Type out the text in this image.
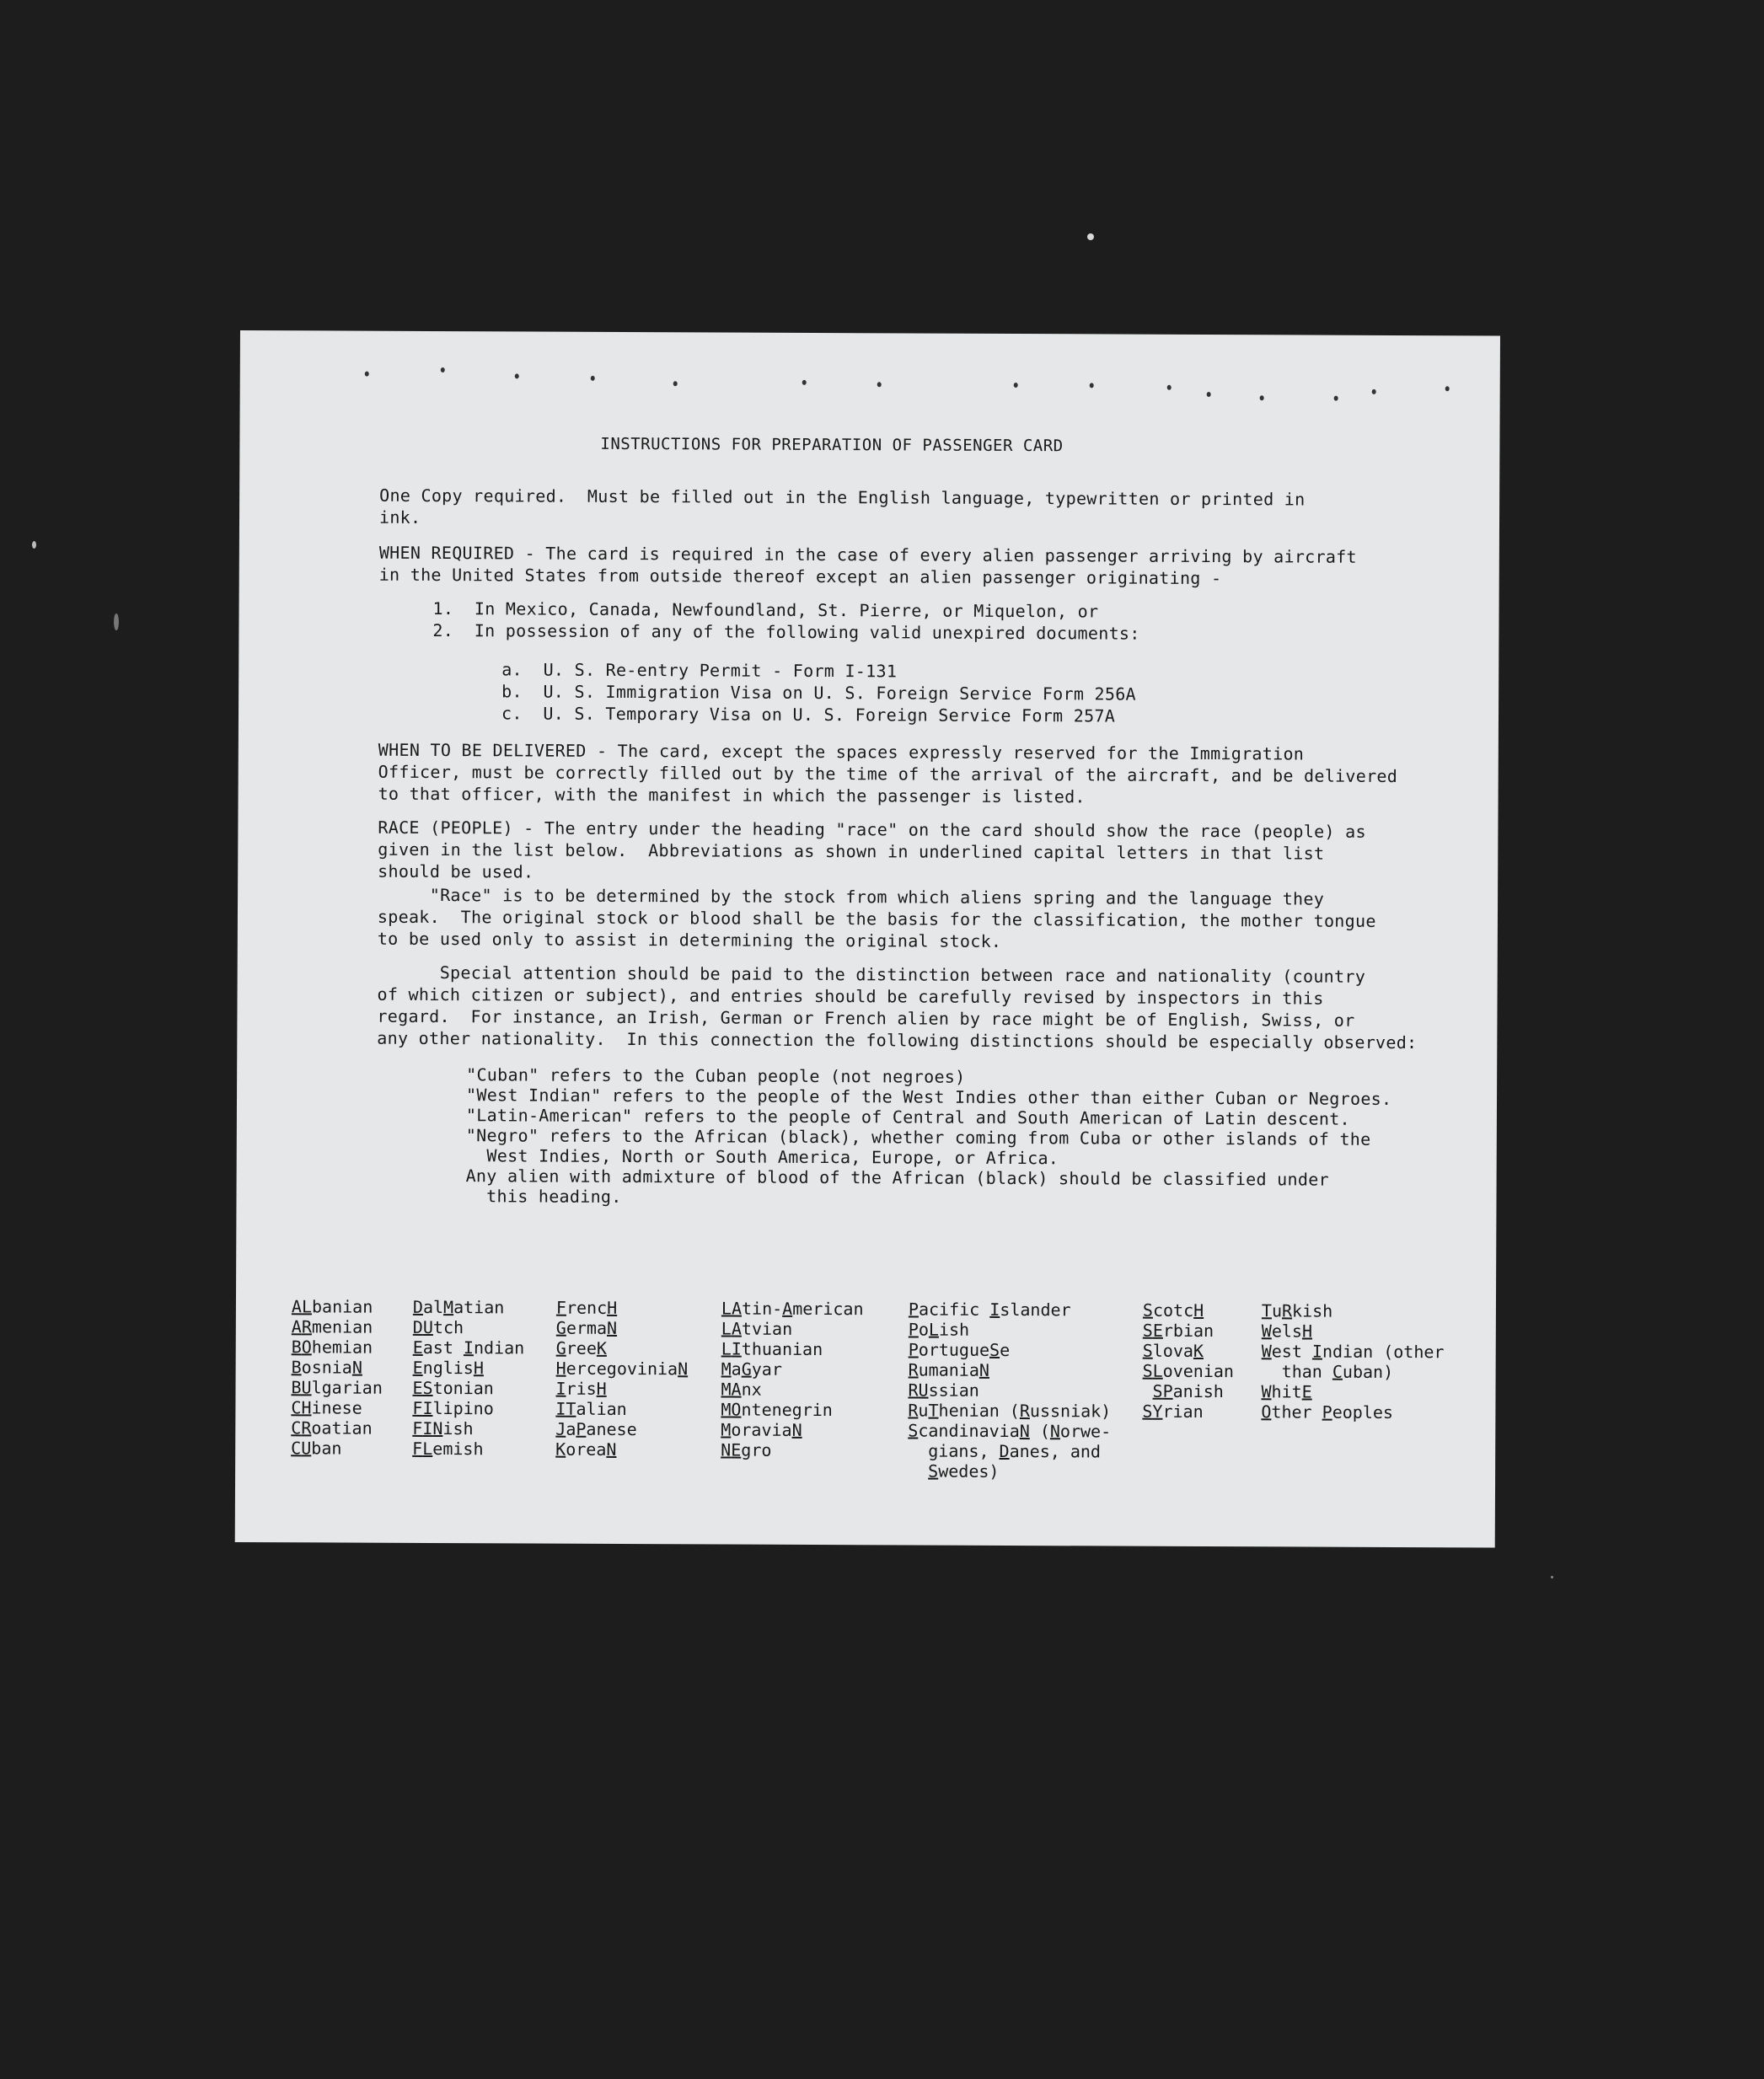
INSTRUCTIONS FOR PREPARATION OF PASSENGER CARD
One Copy required.  Must be filled out in the English language, typewritten or printed in
ink.
WHEN REQUIRED - The card is required in the case of every alien passenger arriving by aircraft
in the United States from outside thereof except an alien passenger originating -
1.  In Mexico, Canada, Newfoundland, St. Pierre, or Miquelon, or
2.  In possession of any of the following valid unexpired documents:
a.  U. S. Re-entry Permit - Form I-131
b.  U. S. Immigration Visa on U. S. Foreign Service Form 256A
c.  U. S. Temporary Visa on U. S. Foreign Service Form 257A
WHEN TO BE DELIVERED - The card, except the spaces expressly reserved for the Immigration
Officer, must be correctly filled out by the time of the arrival of the aircraft, and be delivered
to that officer, with the manifest in which the passenger is listed.
RACE (PEOPLE) - The entry under the heading "race" on the card should show the race (people) as
given in the list below.  Abbreviations as shown in underlined capital letters in that list
should be used.
"Race" is to be determined by the stock from which aliens spring and the language they
speak.  The original stock or blood shall be the basis for the classification, the mother tongue
to be used only to assist in determining the original stock.
Special attention should be paid to the distinction between race and nationality (country
of which citizen or subject), and entries should be carefully revised by inspectors in this
regard.  For instance, an Irish, German or French alien by race might be of English, Swiss, or
any other nationality.  In this connection the following distinctions should be especially observed:
"Cuban" refers to the Cuban people (not negroes)
"West Indian" refers to the people of the West Indies other than either Cuban or Negroes.
"Latin-American" refers to the people of Central and South American of Latin descent.
"Negro" refers to the African (black), whether coming from Cuba or other islands of the
West Indies, North or South America, Europe, or Africa.
Any alien with admixture of blood of the African (black) should be classified under
this heading.

ALbanian
ARmenian
BOhemian
BosniaN
BUlgarian
CHinese
CRoatian
CUban

DalMatian
DUtch
East Indian
EnglisH
EStonian
FIlipino
FINish
FLemish

FrencH
GermaN
GreeK
HercegoviniaN
IrisH
ITalian
JaPanese
KoreaN

LAtin-American
LAtvian
LIthuanian
MaGyar
MAnx
MOntenegrin
MoraviaN
NEgro

Pacific Islander
PoLish
PortugueSe
RumaniaN
RUssian
RuThenian (Russniak)
ScandinaviaN (Norwe-
gians, Danes, and
Swedes)

ScotcH
SErbian
SlovaK
SLovenian
SPanish
SYrian

TuRkish
WelsH
West Indian (other
than Cuban)
WhitE
Other Peoples
